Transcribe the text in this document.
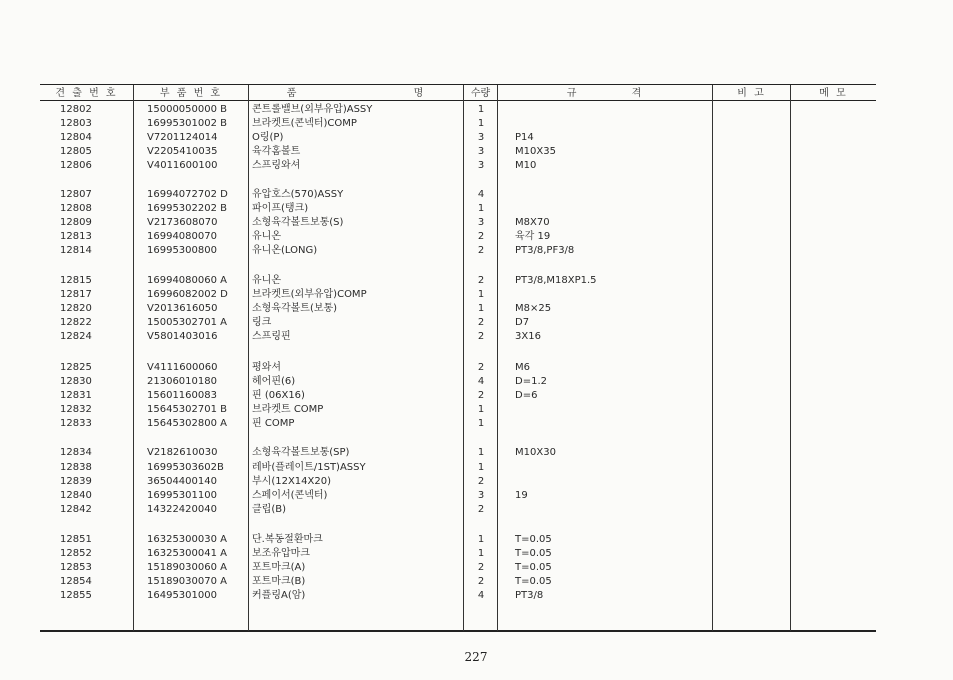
견 출 번 호	부 품 번 호	품 명	수량	규 격	비 고	메 모
12802	15000050000 B	콘트롤밸브(외부유압)ASSY	1
12803	16995301002 B	브라켓트(콘넥터)COMP	1
12804	V7201124014	O링(P)	3	P14
12805	V2205410035	육각홈볼트	3	M10X35
12806	V4011600100	스프링와셔	3	M10
12807	16994072702 D	유압호스(570)ASSY	4
12808	16995302202 B	파이프(탱크)	1
12809	V2173608070	소형육각볼트보통(S)	3	M8X70
12813	16994080070	유니온	2	육각 19
12814	16995300800	유니온(LONG)	2	PT3/8,PF3/8
12815	16994080060 A	유니온	2	PT3/8,M18XP1.5
12817	16996082002 D	브라켓트(외부유압)COMP	1
12820	V2013616050	소형육각볼트(보통)	1	M8×25
12822	15005302701 A	링크	2	D7
12824	V5801403016	스프링핀	2	3X16
12825	V4111600060	평와셔	2	M6
12830	21306010180	헤어핀(6)	4	D=1.2
12831	15601160083	핀 (06X16)	2	D=6
12832	15645302701 B	브라켓트 COMP	1
12833	15645302800 A	핀 COMP	1
12834	V2182610030	소형육각볼트보통(SP)	1	M10X30
12838	16995303602B	레바(플레이트/1ST)ASSY	1
12839	36504400140	부시(12X14X20)	2
12840	16995301100	스페이서(콘넥터)	3	19
12842	14322420040	클립(B)	2
12851	16325300030 A	단.복동절환마크	1	T=0.05
12852	16325300041 A	보조유압마크	1	T=0.05
12853	15189030060 A	포트마크(A)	2	T=0.05
12854	15189030070 A	포트마크(B)	2	T=0.05
12855	16495301000	커플링A(암)	4	PT3/8
227
